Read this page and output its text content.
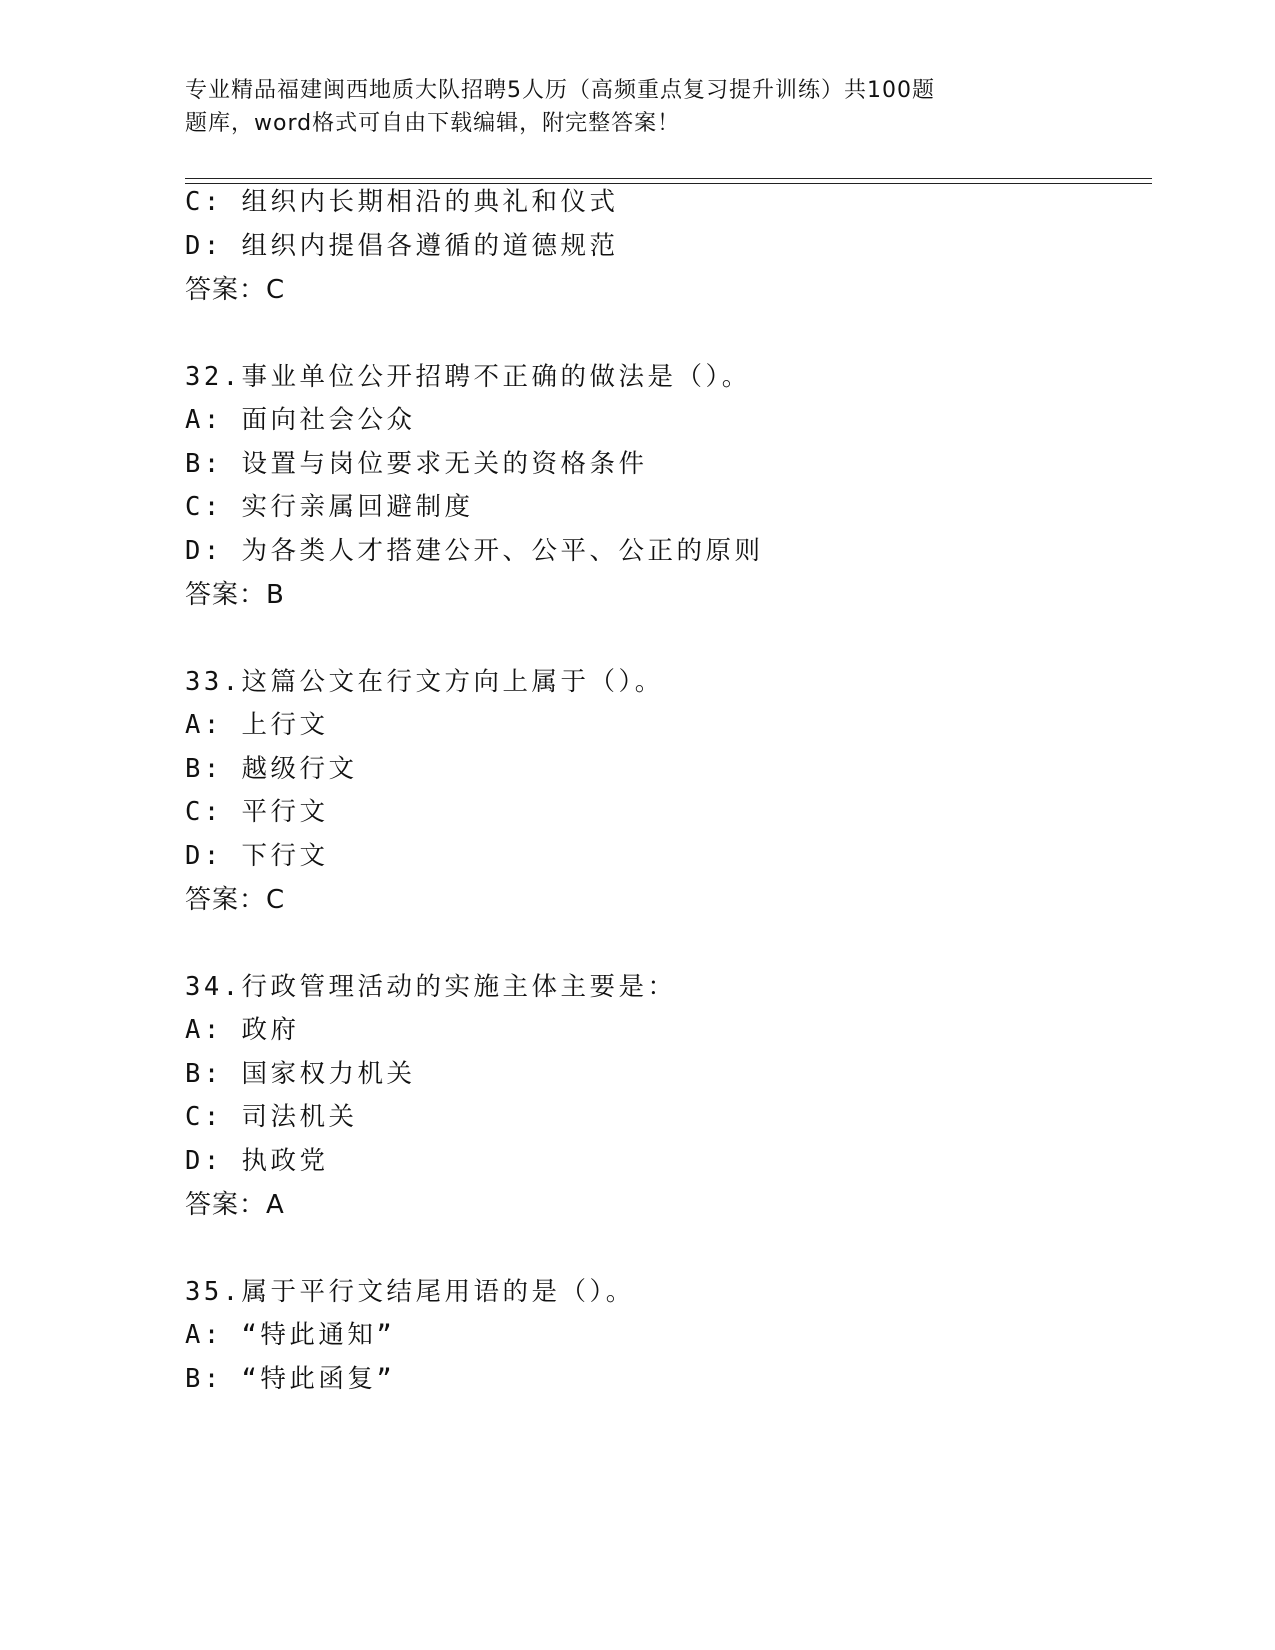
专业精品福建闽西地质大队招聘5人历（高频重点复习提升训练）共100题
题库，word格式可自由下载编辑，附完整答案！
C: 组织内长期相沿的典礼和仪式
D: 组织内提倡各遵循的道德规范
答案：C
32.事业单位公开招聘不正确的做法是（）。
A: 面向社会公众
B: 设置与岗位要求无关的资格条件
C: 实行亲属回避制度
D: 为各类人才搭建公开、公平、公正的原则
答案：B
33.这篇公文在行文方向上属于（）。
A: 上行文
B: 越级行文
C: 平行文
D: 下行文
答案：C
34.行政管理活动的实施主体主要是：
A: 政府
B: 国家权力机关
C: 司法机关
D: 执政党
答案：A
35.属于平行文结尾用语的是（）。
A: “特此通知”
B: “特此函复”
